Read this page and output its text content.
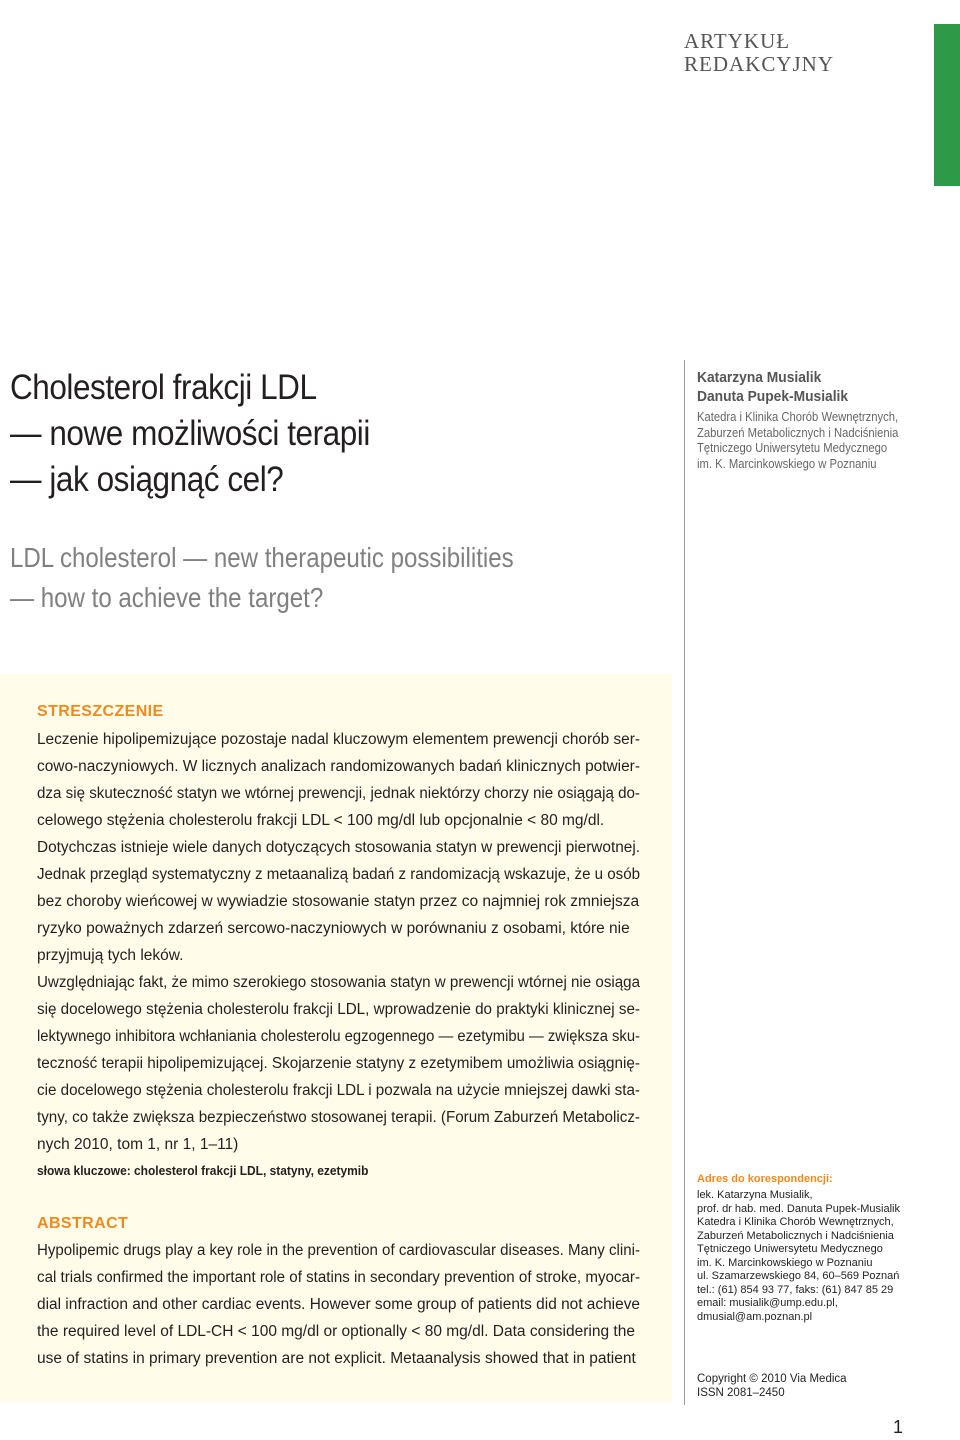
ARTYKUŁ
REDAKCYJNY
Cholesterol frakcji LDL
— nowe możliwości terapii
— jak osiągnąć cel?
LDL cholesterol — new therapeutic possibilities
— how to achieve the target?
Katarzyna Musialik
Danuta Pupek-Musialik
Katedra i Klinika Chorób Wewnętrznych,
Zaburzeń Metabolicznych i Nadciśnienia
Tętniczego Uniwersytetu Medycznego
im. K. Marcinkowskiego w Poznaniu
STRESZCZENIE
Leczenie hipolipemizujące pozostaje nadal kluczowym elementem prewencji chorób ser-
cowo-naczyniowych. W licznych analizach randomizowanych badań klinicznych potwier-
dza się skuteczność statyn we wtórnej prewencji, jednak niektórzy chorzy nie osiągają do-
celowego stężenia cholesterolu frakcji LDL < 100 mg/dl lub opcjonalnie < 80 mg/dl.
Dotychczas istnieje wiele danych dotyczących stosowania statyn w prewencji pierwotnej.
Jednak przegląd systematyczny z metaanalizą badań z randomizacją wskazuje, że u osób
bez choroby wieńcowej w wywiadzie stosowanie statyn przez co najmniej rok zmniejsza
ryzyko poważnych zdarzeń sercowo-naczyniowych w porównaniu z osobami, które nie
przyjmują tych leków.
Uwzględniając fakt, że mimo szerokiego stosowania statyn w prewencji wtórnej nie osiąga
się docelowego stężenia cholesterolu frakcji LDL, wprowadzenie do praktyki klinicznej se-
lektywnego inhibitora wchłaniania cholesterolu egzogennego — ezetymibu — zwiększa sku-
teczność terapii hipolipemizującej. Skojarzenie statyny z ezetymibem umożliwia osiągnię-
cie docelowego stężenia cholesterolu frakcji LDL i pozwala na użycie mniejszej dawki sta-
tyny, co także zwiększa bezpieczeństwo stosowanej terapii. (Forum Zaburzeń Metabolicz-
nych 2010, tom 1, nr 1, 1–11)
słowa kluczowe: cholesterol frakcji LDL, statyny, ezetymib
ABSTRACT
Hypolipemic drugs play a key role in the prevention of cardiovascular diseases. Many clini-
cal trials confirmed the important role of statins in secondary prevention of stroke, myocar-
dial infraction and other cardiac events. However some group of patients did not achieve
the required level of LDL-CH < 100 mg/dl or optionally < 80 mg/dl. Data considering the
use of statins in primary prevention are not explicit. Metaanalysis showed that in patient
Adres do korespondencji:
lek. Katarzyna Musialik,
prof. dr hab. med. Danuta Pupek-Musialik
Katedra i Klinika Chorób Wewnętrznych,
Zaburzeń Metabolicznych i Nadciśnienia
Tętniczego Uniwersytetu Medycznego
im. K. Marcinkowskiego w Poznaniu
ul. Szamarzewskiego 84, 60–569 Poznań
tel.: (61) 854 93 77, faks: (61) 847 85 29
email: musialik@ump.edu.pl,
dmusial@am.poznan.pl
Copyright © 2010 Via Medica
ISSN 2081–2450
1
